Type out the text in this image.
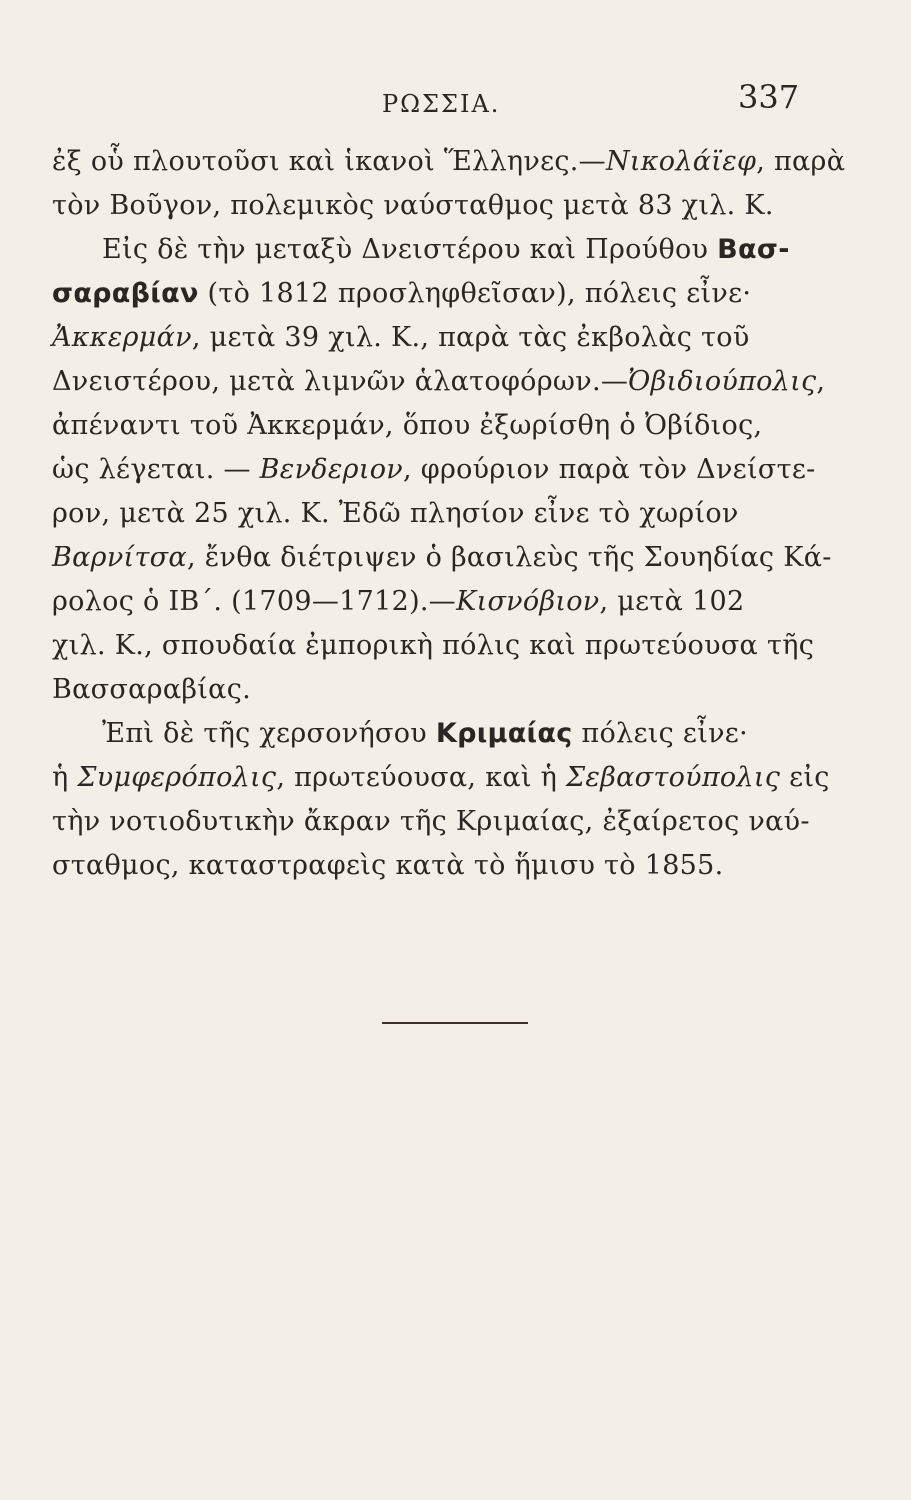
ΡΩΣΣΙΑ.	337
ἐξ οὗ πλουτοῦσι καὶ ἱκανοὶ Ἕλληνες.—Νικολάϊεφ, παρὰ
τὸν Βοῦγον, πολεμικὸς ναύσταθμος μετὰ 83 χιλ. Κ.
Εἰς δὲ τὴν μεταξὺ Δνειστέρου καὶ Προύθου Βασ-
σαραβίαν (τὸ 1812 προσληφθεῖσαν), πόλεις εἶνε·
Ἀκκερμάν, μετὰ 39 χιλ. Κ., παρὰ τὰς ἐκβολὰς τοῦ
Δνειστέρου, μετὰ λιμνῶν ἁλατοφόρων.—Ὀβιδιούπολις,
ἀπέναντι τοῦ Ἀκκερμάν, ὅπου ἐξωρίσθη ὁ Ὀβίδιος,
ὡς λέγεται. — Βενδεριον, φρούριον παρὰ τὸν Δνείστε-
ρον, μετὰ 25 χιλ. Κ. Ἐδῶ πλησίον εἶνε τὸ χωρίον
Βαρνίτσα, ἔνθα διέτριψεν ὁ βασιλεὺς τῆς Σουηδίας Κά-
ρολος ὁ ΙΒ΄. (1709—1712).—Κισνόβιον, μετὰ 102
χιλ. Κ., σπουδαία ἐμπορικὴ πόλις καὶ πρωτεύουσα τῆς
Βασσαραβίας.
Ἐπὶ δὲ τῆς χερσονήσου Κριμαίας πόλεις εἶνε·
ἡ Συμφερόπολις, πρωτεύουσα, καὶ ἡ Σεβαστούπολις εἰς
τὴν νοτιοδυτικὴν ἄκραν τῆς Κριμαίας, ἐξαίρετος ναύ-
σταθμος, καταστραφεὶς κατὰ τὸ ἥμισυ τὸ 1855.
